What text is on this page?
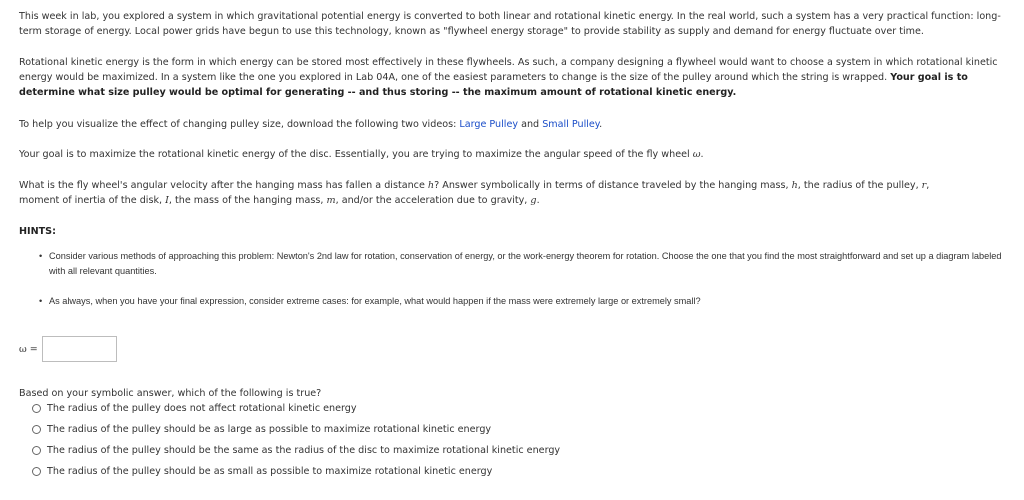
This week in lab, you explored a system in which gravitational potential energy is converted to both linear and rotational kinetic energy. In the real world, such a system has a very practical function: long-term storage of energy. Local power grids have begun to use this technology, known as "flywheel energy storage" to provide stability as supply and demand for energy fluctuate over time.

Rotational kinetic energy is the form in which energy can be stored most effectively in these flywheels. As such, a company designing a flywheel would want to choose a system in which rotational kinetic energy would be maximized. In a system like the one you explored in Lab 04A, one of the easiest parameters to change is the size of the pulley around which the string is wrapped. Your goal is to determine what size pulley would be optimal for generating -- and thus storing -- the maximum amount of rotational kinetic energy.

To help you visualize the effect of changing pulley size, download the following two videos: Large Pulley and Small Pulley.

Your goal is to maximize the rotational kinetic energy of the disc. Essentially, you are trying to maximize the angular speed of the fly wheel ω.

What is the fly wheel's angular velocity after the hanging mass has fallen a distance h? Answer symbolically in terms of distance traveled by the hanging mass, h, the radius of the pulley, r,
moment of inertia of the disk, I, the mass of the hanging mass, m, and/or the acceleration due to gravity, g.

HINTS:

• Consider various methods of approaching this problem: Newton's 2nd law for rotation, conservation of energy, or the work-energy theorem for rotation. Choose the one that you find the most straightforward and set up a diagram labeled with all relevant quantities.

• As always, when you have your final expression, consider extreme cases: for example, what would happen if the mass were extremely large or extremely small?

ω =

Based on your symbolic answer, which of the following is true?

The radius of the pulley does not affect rotational kinetic energy
The radius of the pulley should be as large as possible to maximize rotational kinetic energy
The radius of the pulley should be the same as the radius of the disc to maximize rotational kinetic energy
The radius of the pulley should be as small as possible to maximize rotational kinetic energy
